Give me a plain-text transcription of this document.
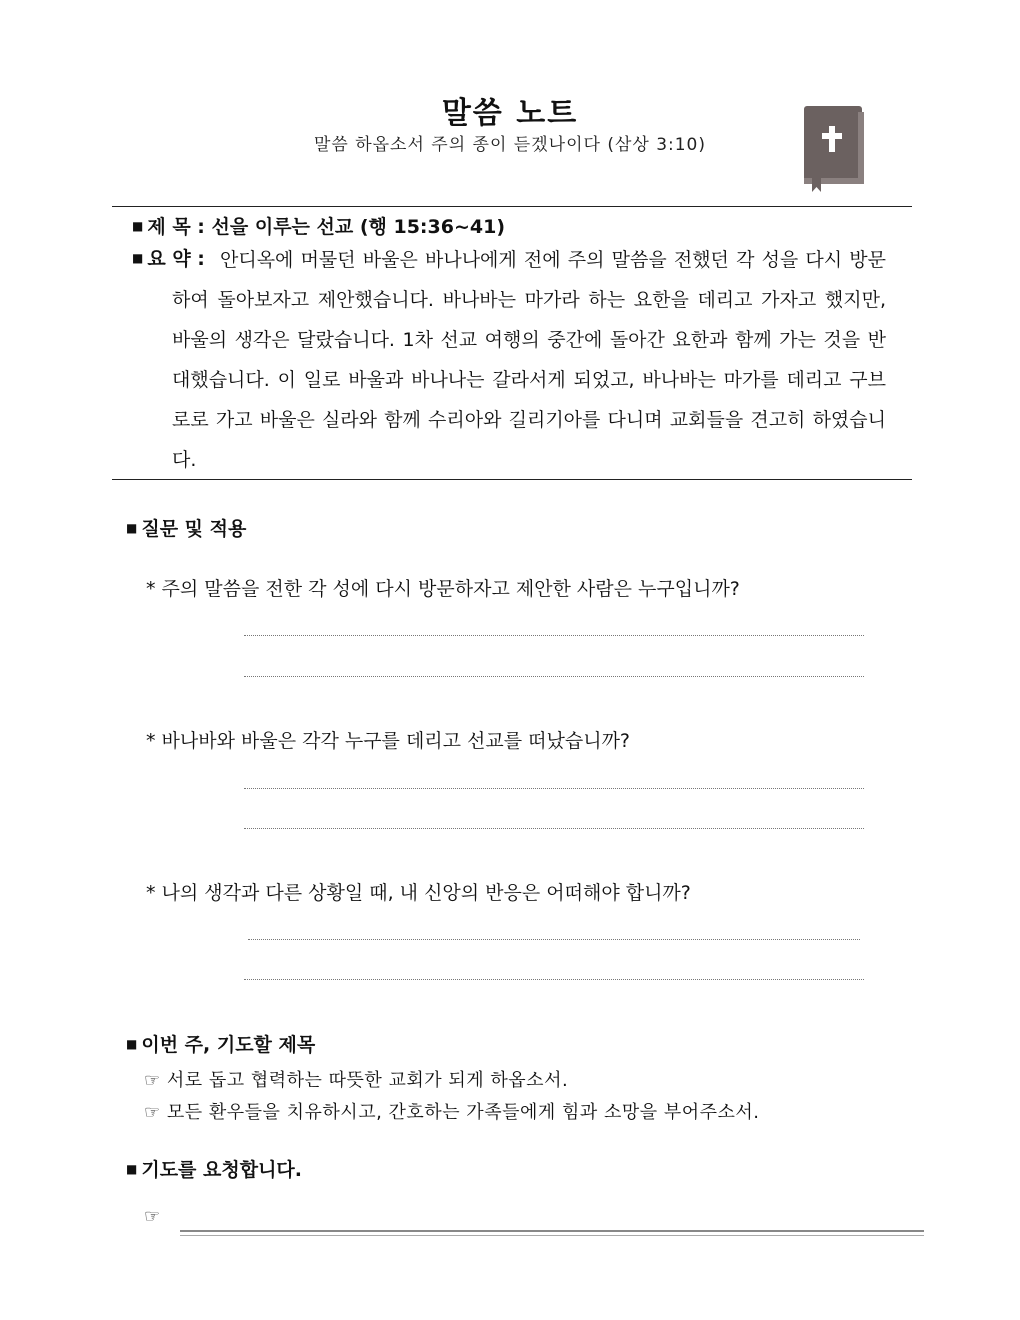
말씀 노트
말씀 하옵소서 주의 종이 듣겠나이다 (삼상 3:10)
■ 제 목 : 선을 이루는 선교 (행 15:36~41)
■ 요 약 : 안디옥에 머물던 바울은 바나나에게 전에 주의 말씀을 전했던 각 성을 다시 방문하여 돌아보자고 제안했습니다. 바나바는 마가라 하는 요한을 데리고 가자고 했지만, 바울의 생각은 달랐습니다. 1차 선교 여행의 중간에 돌아간 요한과 함께 가는 것을 반대했습니다. 이 일로 바울과 바나나는 갈라서게 되었고, 바나바는 마가를 데리고 구브로로 가고 바울은 실라와 함께 수리아와 길리기아를 다니며 교회들을 견고히 하였습니다.
■ 질문 및 적용
* 주의 말씀을 전한 각 성에 다시 방문하자고 제안한 사람은 누구입니까?
* 바나바와 바울은 각각 누구를 데리고 선교를 떠났습니까?
* 나의 생각과 다른 상황일 때, 내 신앙의 반응은 어떠해야 합니까?
■ 이번 주, 기도할 제목
☞ 서로 돕고 협력하는 따뜻한 교회가 되게 하옵소서.
☞ 모든 환우들을 치유하시고, 간호하는 가족들에게 힘과 소망을 부어주소서.
■ 기도를 요청합니다.
☞
